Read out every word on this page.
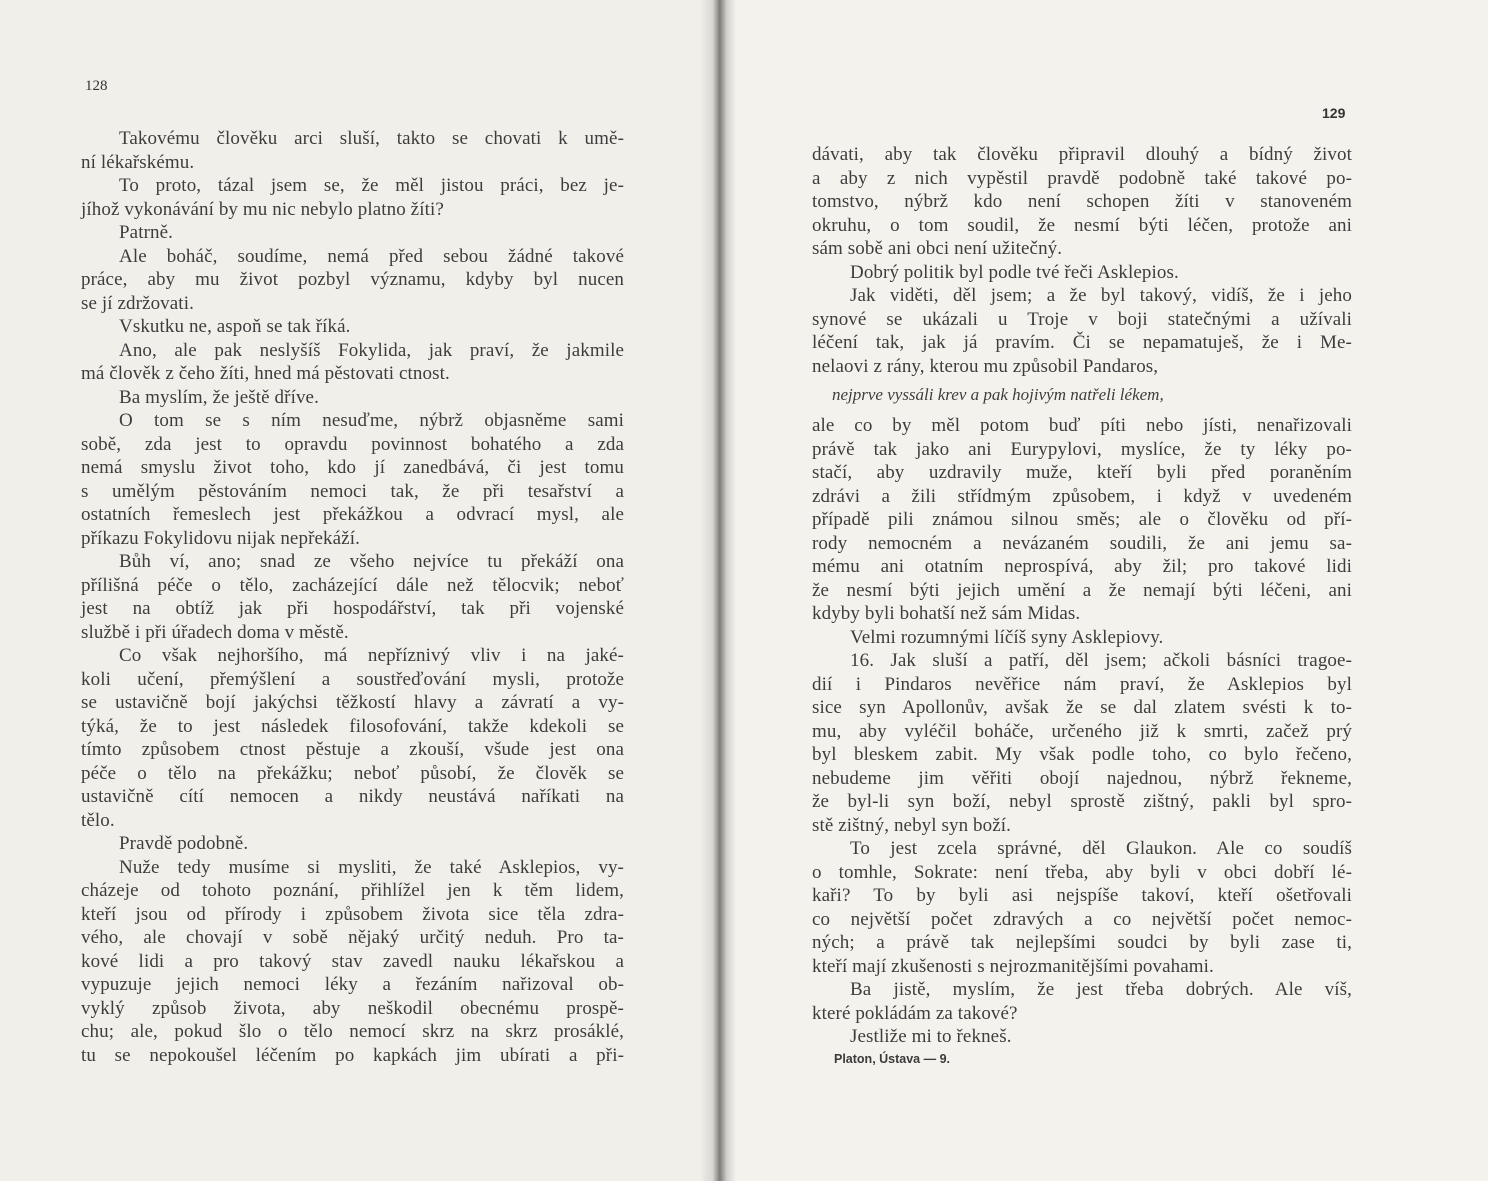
128
Takovému člověku arci sluší, takto se chovati k umě-
ní lékařskému.
To proto, tázal jsem se, že měl jistou práci, bez je-
jíhož vykonávání by mu nic nebylo platno žíti?
Patrně.
Ale boháč, soudíme, nemá před sebou žádné takové
práce, aby mu život pozbyl významu, kdyby byl nucen
se jí zdržovati.
Vskutku ne, aspoň se tak říká.
Ano, ale pak neslyšíš Fokylida, jak praví, že jakmile
má člověk z čeho žíti, hned má pěstovati ctnost.
Ba myslím, že ještě dříve.
O tom se s ním nesuďme, nýbrž objasněme sami
sobě, zda jest to opravdu povinnost bohatého a zda
nemá smyslu život toho, kdo jí zanedbává, či jest tomu
s umělým pěstováním nemoci tak, že při tesařství a
ostatních řemeslech jest překážkou a odvrací mysl, ale
příkazu Fokylidovu nijak nepřekáží.
Bůh ví, ano; snad ze všeho nejvíce tu překáží ona
přílišná péče o tělo, zacházející dále než tělocvik; neboť
jest na obtíž jak při hospodářství, tak při vojenské
službě i při úřadech doma v městě.
Co však nejhoršího, má nepříznivý vliv i na jaké-
koli učení, přemýšlení a soustřeďování mysli, protože
se ustavičně bojí jakýchsi těžkostí hlavy a závratí a vy-
týká, že to jest následek filosofování, takže kdekoli se
tímto způsobem ctnost pěstuje a zkouší, všude jest ona
péče o tělo na překážku; neboť působí, že člověk se
ustavičně cítí nemocen a nikdy neustává naříkati na
tělo.
Pravdě podobně.
Nuže tedy musíme si mysliti, že také Asklepios, vy-
cházeje od tohoto poznání, přihlížel jen k těm lidem,
kteří jsou od přírody i způsobem života sice těla zdra-
vého, ale chovají v sobě nějaký určitý neduh. Pro ta-
kové lidi a pro takový stav zavedl nauku lékařskou a
vypuzuje jejich nemoci léky a řezáním nařizoval ob-
vyklý způsob života, aby neškodil obecnému prospě-
chu; ale, pokud šlo o tělo nemocí skrz na skrz prosáklé,
tu se nepokoušel léčením po kapkách jim ubírati a při-
129
dávati, aby tak člověku připravil dlouhý a bídný život
a aby z nich vypěstil pravdě podobně také takové po-
tomstvo, nýbrž kdo není schopen žíti v stanoveném
okruhu, o tom soudil, že nesmí býti léčen, protože ani
sám sobě ani obci není užitečný.
Dobrý politik byl podle tvé řeči Asklepios.
Jak viděti, děl jsem; a že byl takový, vidíš, že i jeho
synové se ukázali u Troje v boji statečnými a užívali
léčení tak, jak já pravím. Či se nepamatuješ, že i Me-
nelaovi z rány, kterou mu způsobil Pandaros,
nejprve vyssáli krev a pak hojivým natřeli lékem,
ale co by měl potom buď píti nebo jísti, nenařizovali
právě tak jako ani Eurypylovi, myslíce, že ty léky po-
stačí, aby uzdravily muže, kteří byli před poraněním
zdrávi a žili střídmým způsobem, i když v uvedeném
případě pili známou silnou směs; ale o člověku od pří-
rody nemocném a nevázaném soudili, že ani jemu sa-
mému ani otatním neprospívá, aby žil; pro takové lidi
že nesmí býti jejich umění a že nemají býti léčeni, ani
kdyby byli bohatší než sám Midas.
Velmi rozumnými líčíš syny Asklepiovy.
16. Jak sluší a patří, děl jsem; ačkoli básníci tragoe-
dií i Pindaros nevěřice nám praví, že Asklepios byl
sice syn Apollonův, avšak že se dal zlatem svésti k to-
mu, aby vyléčil boháče, určeného již k smrti, začež prý
byl bleskem zabit. My však podle toho, co bylo řečeno,
nebudeme jim věřiti obojí najednou, nýbrž řekneme,
že byl-li syn boží, nebyl sprostě zištný, pakli byl spro-
stě zištný, nebyl syn boží.
To jest zcela správné, děl Glaukon. Ale co soudíš
o tomhle, Sokrate: není třeba, aby byli v obci dobří lé-
kaři? To by byli asi nejspíše takoví, kteří ošetřovali
co největší počet zdravých a co největší počet nemoc-
ných; a právě tak nejlepšími soudci by byli zase ti,
kteří mají zkušenosti s nejrozmanitějšími povahami.
Ba jistě, myslím, že jest třeba dobrých. Ale víš,
které pokládám za takové?
Jestliže mi to řekneš.
Platon, Ústava — 9.
